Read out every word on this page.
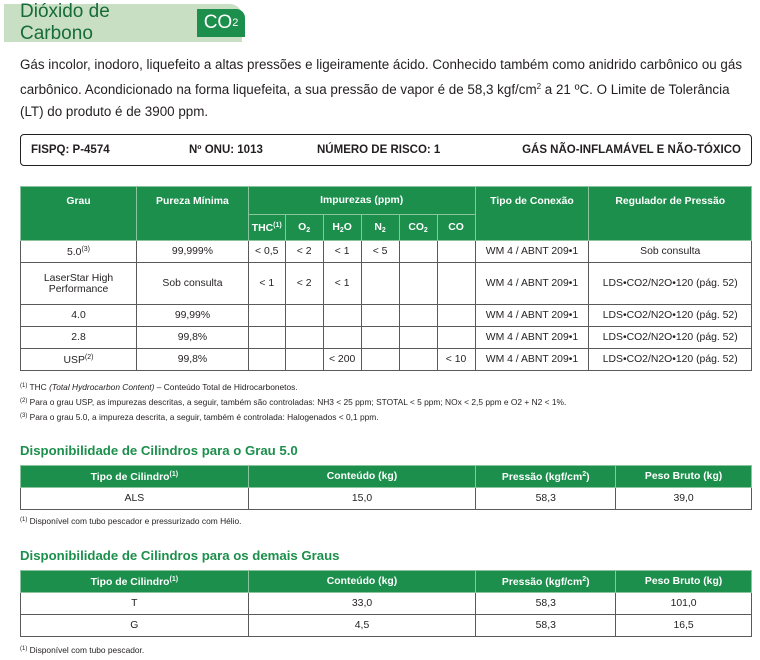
Dióxido de Carbono
CO 2

Gás incolor, inodoro, liquefeito a altas pressões e ligeiramente ácido. Conhecido também como anidrido carbônico ou gás carbônico. Acondicionado na forma liquefeita, a sua pressão de vapor é de 58,3 kgf/$cm^2$ a 21 ºC. O Limite de Tolerância (LT) do produto é de 3900 ppm.

FISPQ: P-4574	Nº ONU: 1013	NÚMERO DE RISCO: 1	GÁS NÃO-INFLAMÁVEL E NÃO-TÓXICO
Grau	Pureza Mínima	Impurezas (ppm)						Tipo de Conexão	Regulador de Pressão
		THC$^{(1)}$	$O_2$	$H_2O$	$N_2$	$CO_2$	CO		
5.0$^{(3)}$	99,999%	< 0,5	< 2	< 1	< 5			WM 4 / ABNT 209•1	Sob consulta
LaserStar High Performance	Sob consulta	< 1	< 2	< 1				WM 4 / ABNT 209•1	LDS•CO2/N2O•120 (pág. 52)
4.0	99,99%							WM 4 / ABNT 209•1	LDS•CO2/N2O•120 (pág. 52)
2.8	99,8%							WM 4 / ABNT 209•1	LDS•CO2/N2O•120 (pág. 52)
USP$^{(2)}$	99,8%			< 200			< 10	WM 4 / ABNT 209•1	LDS•CO2/N2O•120 (pág. 52)
$^{(1)}$ THC (Total Hydrocarbon Content) – Conteúdo Total de Hidrocarbonetos.
$^{(2)}$ Para o grau USP, as impurezas descritas, a seguir, também são controladas: NH3 < 25 ppm; STOTAL < 5 ppm; NOx < 2,5 ppm e O2 + N2 < 1%.
$^{(3)}$ Para o grau 5.0, a impureza descrita, a seguir, também é controlada: Halogenados < 0,1 ppm.
Disponibilidade de Cilindros para o Grau 5.0
Tipo de Cilindro$^{(1)}$	Conteúdo (kg)	Pressão $(kgf/cm^2)$	Peso Bruto (kg)
ALS	15,0	58,3	39,0
$^{(1)}$ Disponível com tubo pescador e pressurizado com Hélio.
Disponibilidade de Cilindros para os demais Graus
Tipo de Cilindro$^{(1)}$	Conteúdo (kg)	Pressão $(kgf/cm^2)$	Peso Bruto (kg)
T	33,0	58,3	101,0
G	4,5	58,3	16,5
$^{(1)}$ Disponível com tubo pescador.
